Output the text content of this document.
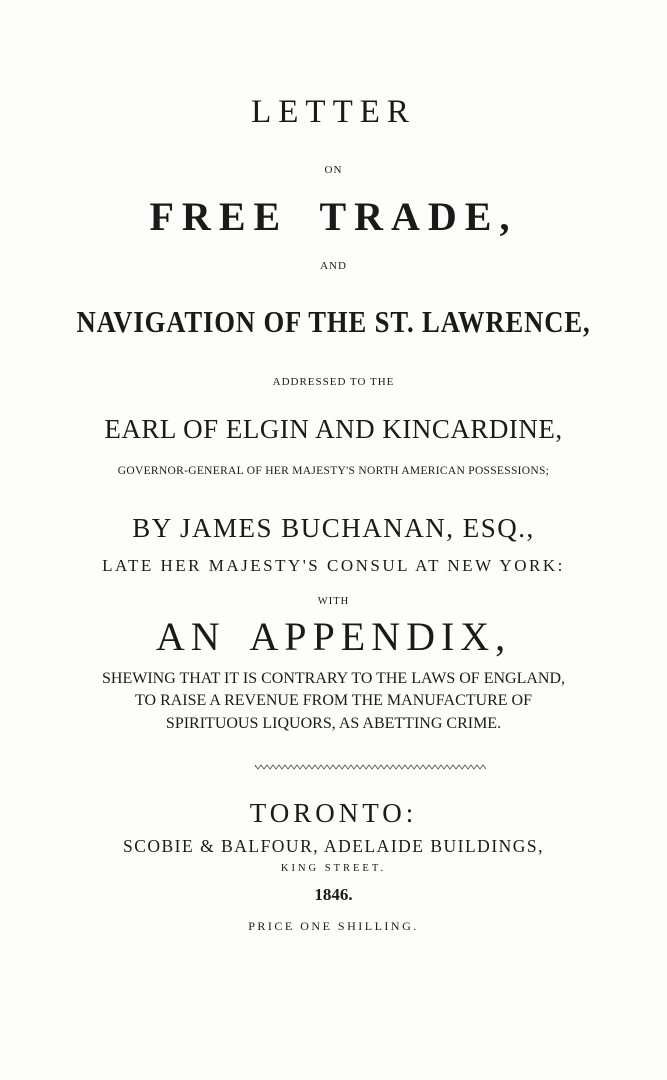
LETTER
ON
FREE TRADE,
AND
NAVIGATION OF THE ST. LAWRENCE,
ADDRESSED TO THE
EARL OF ELGIN AND KINCARDINE,
GOVERNOR-GENERAL OF HER MAJESTY'S NORTH AMERICAN POSSESSIONS;
BY JAMES BUCHANAN, ESQ.,
LATE HER MAJESTY'S CONSUL AT NEW YORK:
WITH
AN APPENDIX,
SHEWING THAT IT IS CONTRARY TO THE LAWS OF ENGLAND,
TO RAISE A REVENUE FROM THE MANUFACTURE OF
SPIRITUOUS LIQUORS, AS ABETTING CRIME.
TORONTO:
SCOBIE & BALFOUR, ADELAIDE BUILDINGS,
KING STREET.
1846.
PRICE ONE SHILLING.
